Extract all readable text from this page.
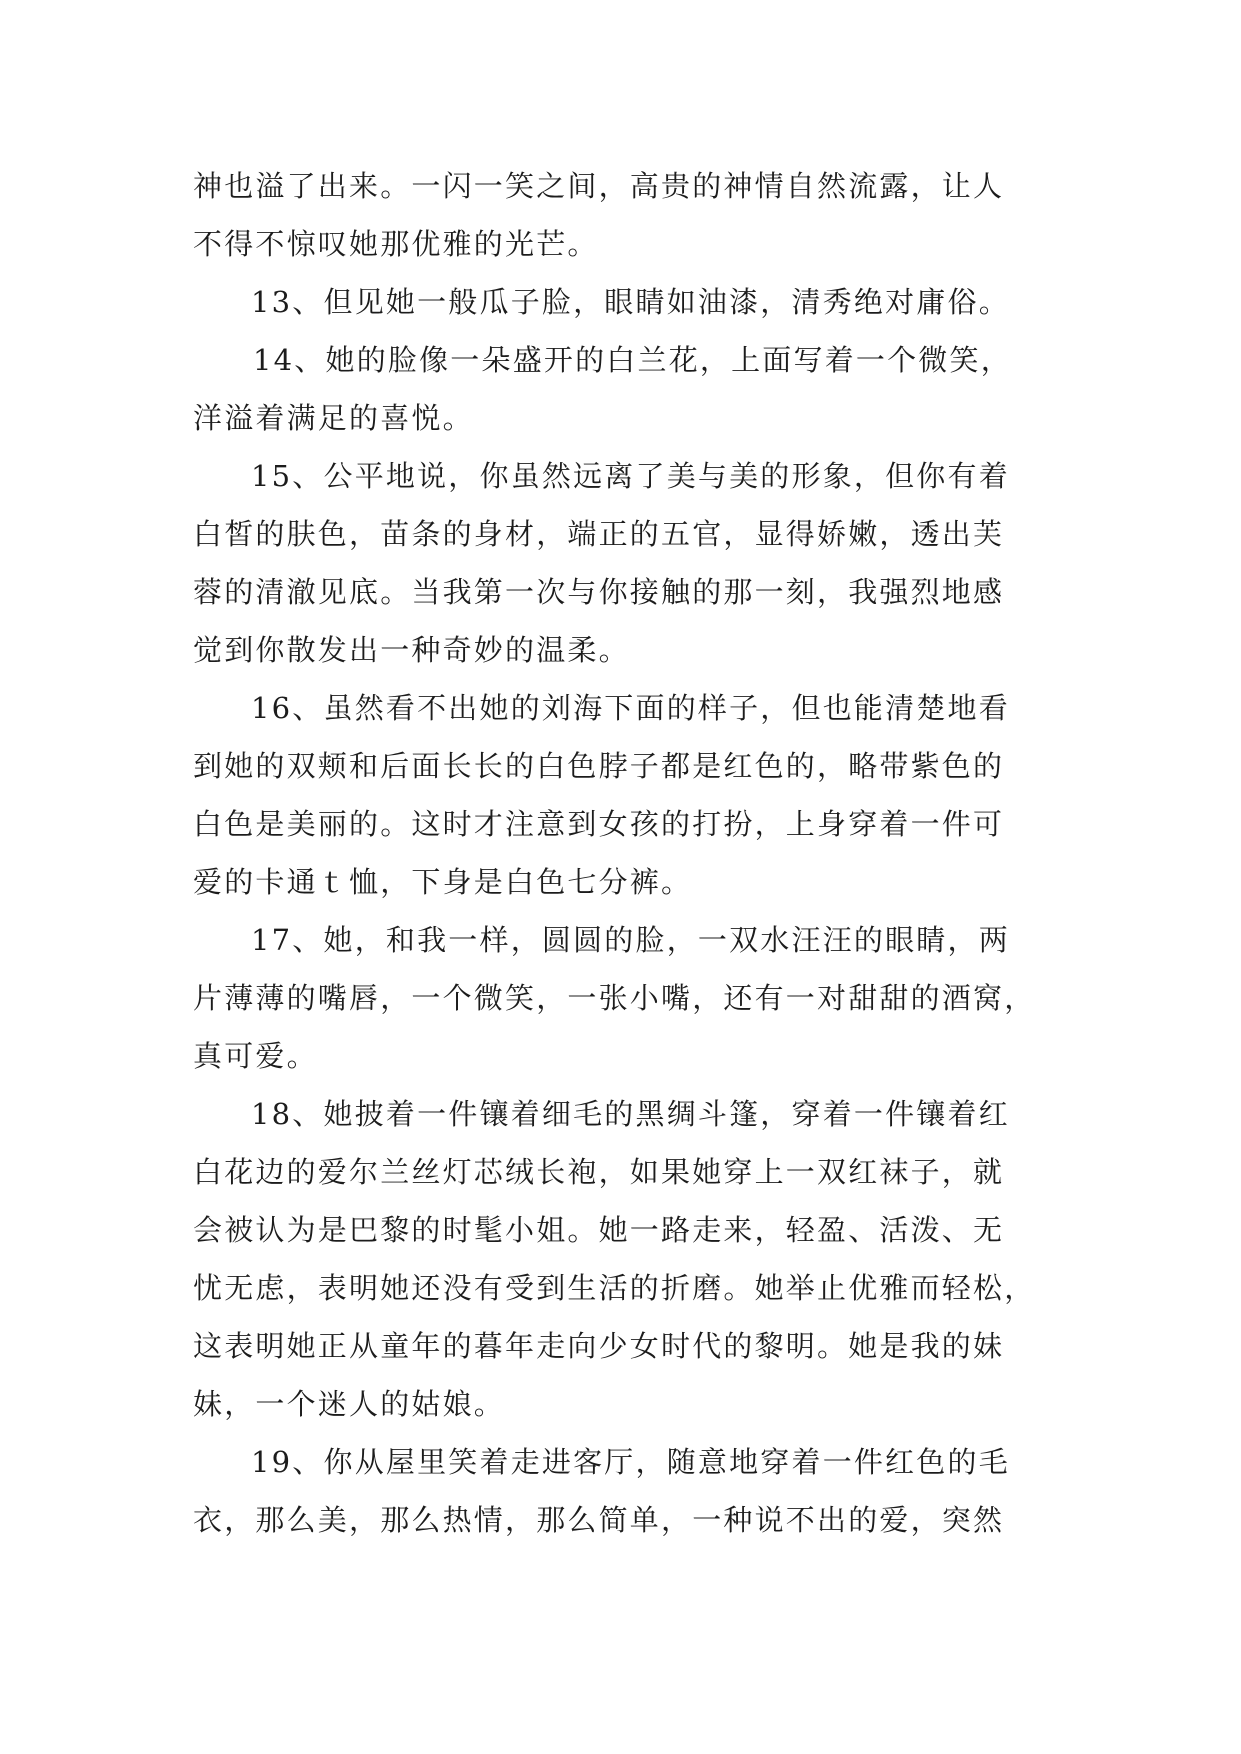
神也溢了出来。一闪一笑之间，高贵的神情自然流露，让人

不得不惊叹她那优雅的光芒。

13、但见她一般瓜子脸，眼睛如油漆，清秀绝对庸俗。

14、她的脸像一朵盛开的白兰花，上面写着一个微笑，

洋溢着满足的喜悦。

15、公平地说，你虽然远离了美与美的形象，但你有着

白皙的肤色，苗条的身材，端正的五官，显得娇嫩，透出芙

蓉的清澈见底。当我第一次与你接触的那一刻，我强烈地感

觉到你散发出一种奇妙的温柔。

16、虽然看不出她的刘海下面的样子，但也能清楚地看

到她的双颊和后面长长的白色脖子都是红色的，略带紫色的

白色是美丽的。这时才注意到女孩的打扮，上身穿着一件可

爱的卡通ｔ恤，下身是白色七分裤。

17、她，和我一样，圆圆的脸，一双水汪汪的眼睛，两

片薄薄的嘴唇，一个微笑，一张小嘴，还有一对甜甜的酒窝，

真可爱。

18、她披着一件镶着细毛的黑绸斗篷，穿着一件镶着红

白花边的爱尔兰丝灯芯绒长袍，如果她穿上一双红袜子，就

会被认为是巴黎的时髦小姐。她一路走来，轻盈、活泼、无

忧无虑，表明她还没有受到生活的折磨。她举止优雅而轻松，

这表明她正从童年的暮年走向少女时代的黎明。她是我的妹

妹，一个迷人的姑娘。

19、你从屋里笑着走进客厅，随意地穿着一件红色的毛

衣，那么美，那么热情，那么简单，一种说不出的爱，突然
